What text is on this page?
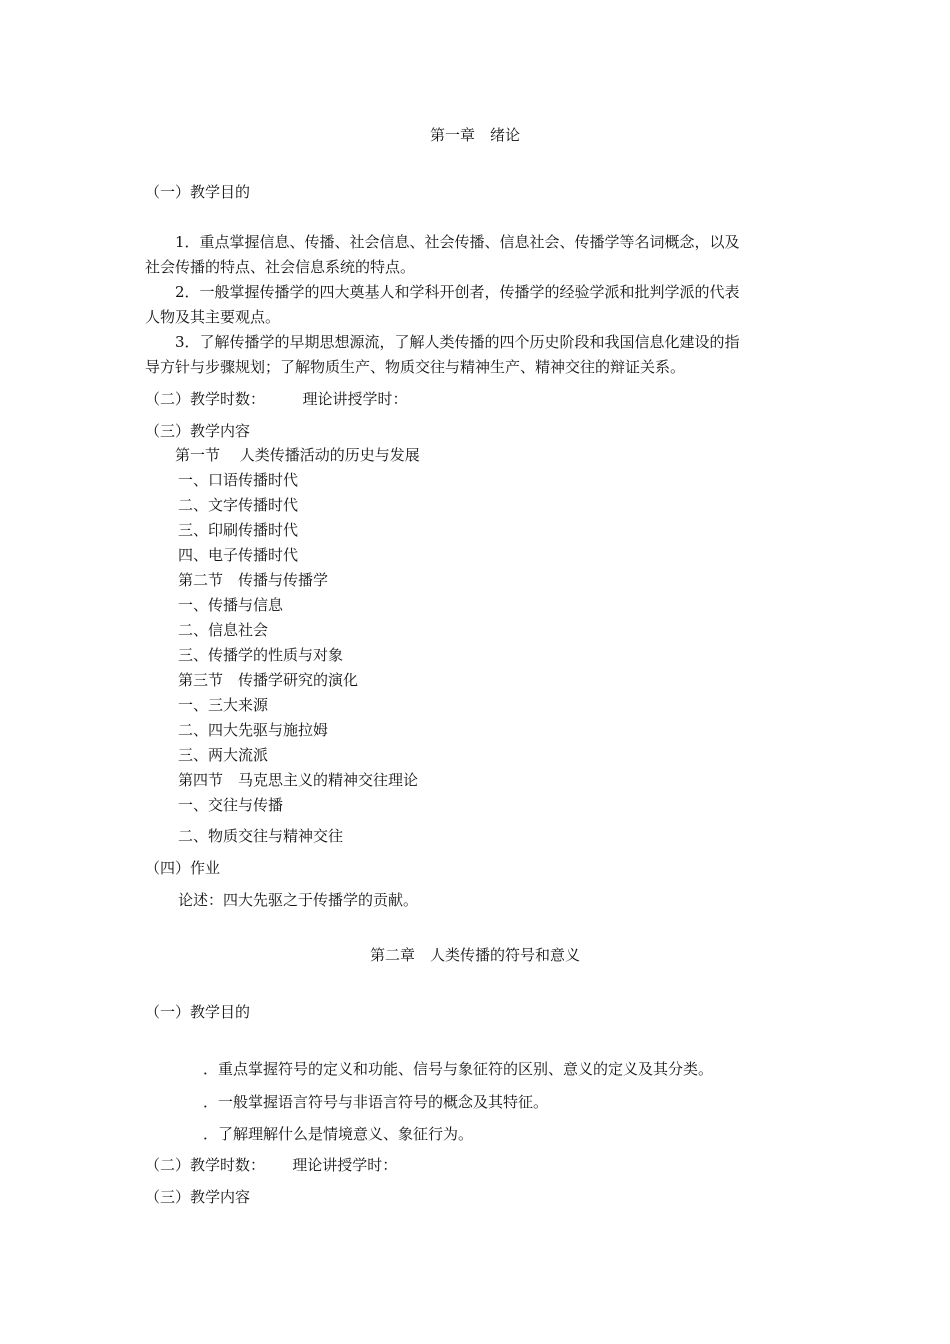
第一章　绪论
（一）教学目的
1．重点掌握信息、传播、社会信息、社会传播、信息社会、传播学等名词概念，以及
社会传播的特点、社会信息系统的特点。
2．一般掌握传播学的四大奠基人和学科开创者，传播学的经验学派和批判学派的代表
人物及其主要观点。
3．了解传播学的早期思想源流，了解人类传播的四个历史阶段和我国信息化建设的指
导方针与步骤规划；了解物质生产、物质交往与精神生产、精神交往的辩证关系。
（二）教学时数：　　　理论讲授学时：
（三）教学内容
第一节　 人类传播活动的历史与发展
一、口语传播时代
二、文字传播时代
三、印刷传播时代
四、电子传播时代
第二节　传播与传播学
一、传播与信息
二、信息社会
三、传播学的性质与对象
第三节　传播学研究的演化
一、三大来源
二、四大先驱与施拉姆
三、两大流派
第四节　马克思主义的精神交往理论
一、交往与传播
二、物质交往与精神交往
（四）作业
论述：四大先驱之于传播学的贡献。
第二章　人类传播的符号和意义
（一）教学目的
．重点掌握符号的定义和功能、信号与象征符的区别、意义的定义及其分类。
．一般掌握语言符号与非语言符号的概念及其特征。
．了解理解什么是情境意义、象征行为。
（二）教学时数：　　 理论讲授学时：
（三）教学内容
